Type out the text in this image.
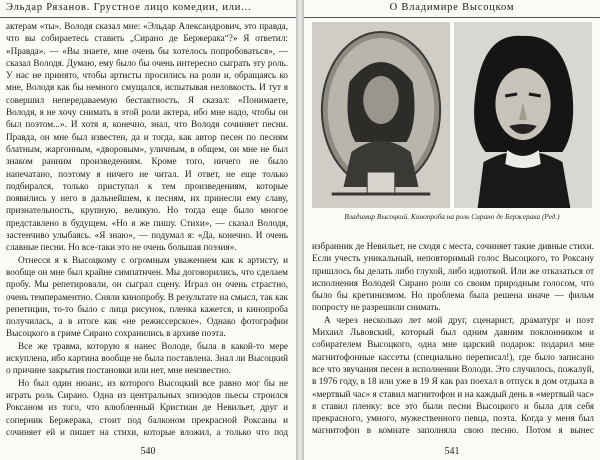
Эльдар Рязанов. Грустное лицо комедии, или...

актерам «ты». Володя сказал мне: «Эльдар Александрович, это правда, что вы собираетесь ставить „Сирано де Бержерака“?» Я ответил: «Правда». — «Вы знаете, мне очень бы хотелось попробоваться», — сказал Володя. Думаю, ему было бы очень интересно сыграть эту роль. У нас не принято, чтобы артисты просились на роли и, обращаясь ко мне, Володя как бы немного смущался, испытывая неловкость. И тут я совершил непередаваемую бестактность. Я сказал: «Понимаете, Володя, я не хочу снимать в этой роли актера, ибо мне надо, чтобы он был поэтом...». И хотя я, конечно, знал, что Володя сочиняет песни. Правда, он мне был известен, да и тогда, как автор песен по песням блатным, жаргонным, «дворовым», уличным, в общем, он мне не был знаком ранним произведениям. Кроме того, ничего не было напечатано, поэтому я ничего не читал. И ответ, не еще только подбирался, только приступал к тем произведениям, которые появились у него в дальнейшем, к песням, их принесли ему славу, признательность, крупную, великую. Но тогда еще было многое представлено в будущем. «Но я же пишу. Стихи», — сказал Володя, застенчиво улыбаясь. «Я знаю», — подумал я: «Да, конечно. И очень славные песни. Но все-таки это не очень большая поэзия».

Отнесся я к Высоцкому с огромным уважением как к артисту, и вообще он мне был крайне симпатичен. Мы договорились, что сделаем пробу. Мы репетировали, он сыграл сцену. Играл он очень страстно, очень темпераментно. Сняли кинопробу. В результате на смысл, так как репетиции, то-то было с лица рисунок, пленка кажется, и кинопроба получилась, а в итоге как «не режиссерское». Однако фотографии Высоцкого в гриме Сирано сохранились в архиве поэта.

Все же травма, которую я нанес Володе, была в какой-то мере искуплена, ибо картина вообще не была поставлена. Знал ли Высоцкий о причине закрытия постановки или нет, мне неизвестно.

Но был один нюанс, из которого Высоцкий все равно мог бы не играть роль Сирано. Одна из центральных эпизодов пьесы строился Роксаном из того, что влюбленный Кристиан де Невильет, друг и соперник Бержерака, стоит под балконом прекрасной Роксаны и сочиняет ей и пишет на стихи, которые вложил, а только что под

540
О Владимире Высоцком
Владимир Высоцкий. Кинопроба на роль Сирано де Бержерака (Ред.)

избранник де Невильет, не сходя с места, сочиняет такие дивные стихи. Если учесть уникальный, неповторимый голос Высоцкого, то Роксану пришлось бы делать либо глухой, либо идиоткой. Или же отказаться от исполнения Володей Сирано роли со своим природным голосом, что было бы кретинизмом. Но проблема была решена иначе — фильм попросту не разрешили снимать.

А через несколько лет мой друг, сценарист, драматург и поэт Михаил Львовский, который был одним давним поклонником и собирателем Высоцкого, одна мне царский подарок: подарил мне магнитофонные кассеты (специально переписал!), где было записано все что звучания песен в исполнении Володи. Это случилось, пожалуй, в 1976 году, в 18 или уже в 19 Я как раз поехал в отпуск в дом отдыха в «мертвый час» я ставил магнитофон и на каждый день в «мертвый час» я ставил пленку: все это были песни Высоцкого и была для себя прекрасного, умного, мужественного певца, поэта. Когда у меня был магнитофон в комнате заполняла свою песню. Потом я вынес

541
